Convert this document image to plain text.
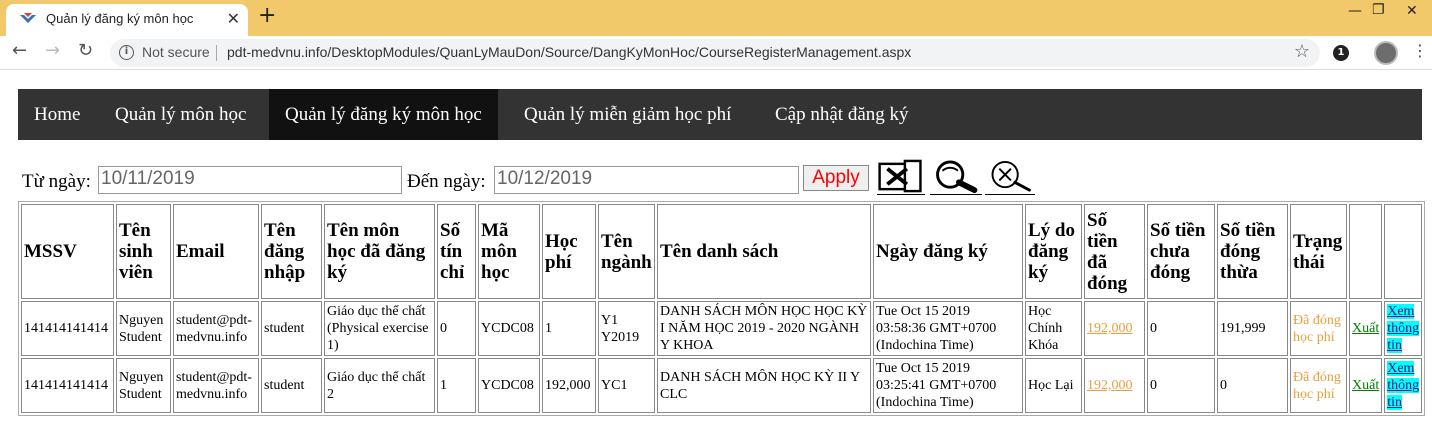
Quản lý đăng ký môn học ✕ +	— ❐ ✕
← → ↻	i Not secure pdt-medvnu.info/DesktopModules/QuanLyMauDon/Source/DangKyMonHoc/CourseRegisterManagement.aspx	☆	1	⋮
Home	Quản lý môn học	Quản lý đăng ký môn học	Quản lý miễn giảm học phí	Cập nhật đăng ký
Từ ngày: 10/11/2019	Đến ngày: 10/12/2019	Apply
MSSV	Tên sinh viên	Email	Tên đăng nhập	Tên môn học đã đăng ký	Số tín chỉ	Mã môn học	Học phí	Tên ngành	Tên danh sách	Ngày đăng ký	Lý do đăng ký	Số tiền đã đóng	Số tiền chưa đóng	Số tiền đóng thừa	Trạng thái		
141414141414	Nguyen Student	student@pdt-medvnu.info	student	Giáo dục thể chất (Physical exercise 1)	0	YCDC08	1	Y1 Y2019	DANH SÁCH MÔN HỌC HỌC KỲ I NĂM HỌC 2019 - 2020 NGÀNH Y KHOA	Tue Oct 15 2019 03:58:36 GMT+0700 (Indochina Time)	Học Chính Khóa	192,000	0	191,999	Đã đóng học phí	Xuất	Xem thông tin
141414141414	Nguyen Student	student@pdt-medvnu.info	student	Giáo dục thể chất 2	1	YCDC08	192,000	YC1	DANH SÁCH MÔN HỌC KỲ II Y CLC	Tue Oct 15 2019 03:25:41 GMT+0700 (Indochina Time)	Học Lại	192,000	0	0	Đã đóng học phí	Xuất	Xem thông tin
